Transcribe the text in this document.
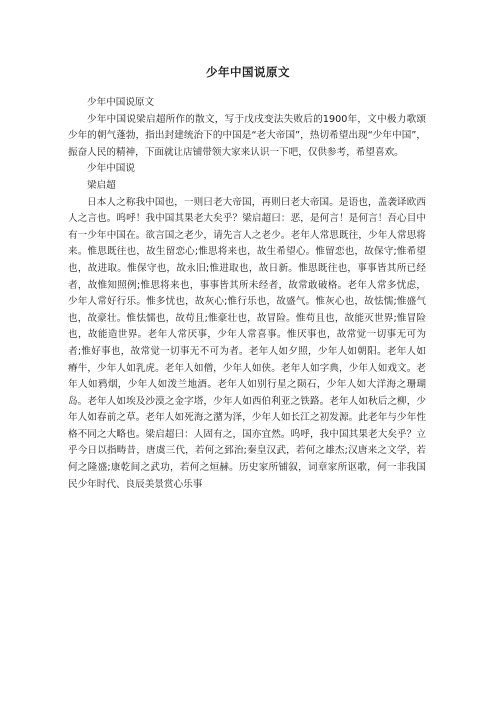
少年中国说原文

少年中国说原文

少年中国说梁启超所作的散文，写于戊戌变法失败后的1900年，文中极力歌颂少年的朝气蓬勃，指出封建统治下的中国是“老大帝国”，热切希望出现“少年中国”，振奋人民的精神，下面就让店铺带领大家来认识一下吧，仅供参考，希望喜欢。

少年中国说

梁启超

日本人之称我中国也，一则曰老大帝国，再则曰老大帝国。是语也，盖袭译欧西人之言也。呜呼！我中国其果老大矣乎？梁启超曰：恶，是何言！是何言！吾心目中有一少年中国在。欲言国之老少，请先言人之老少。老年人常思既往，少年人常思将来。惟思既往也，故生留恋心;惟思将来也，故生希望心。惟留恋也，故保守;惟希望也，故进取。惟保守也，故永旧;惟进取也，故日新。惟思既往也，事事皆其所已经者，故惟知照例;惟思将来也，事事皆其所未经者，故常敢破格。老年人常多忧虑，少年人常好行乐。惟多忧也，故灰心;惟行乐也，故盛气。惟灰心也，故怯懦;惟盛气也，故豪壮。惟怯懦也，故苟且;惟豪壮也，故冒险。惟苟且也，故能灭世界;惟冒险也，故能造世界。老年人常厌事，少年人常喜事。惟厌事也，故常觉一切事无可为者;惟好事也，故常觉一切事无不可为者。老年人如夕照，少年人如朝阳。老年人如瘠牛，少年人如乳虎。老年人如僧，少年人如侠。老年人如字典，少年人如戏文。老年人如鸦烟，少年人如泼兰地酒。老年人如别行星之陨石，少年人如大洋海之珊瑚岛。老年人如埃及沙漠之金字塔，少年人如西伯利亚之铁路。老年人如秋后之柳，少年人如春前之草。老年人如死海之潴为泽，少年人如长江之初发源。此老年与少年性格不同之大略也。梁启超曰：人固有之，国亦宜然。呜呼，我中国其果老大矣乎？立乎今日以指畴昔，唐虞三代，若何之郅治;秦皇汉武，若何之雄杰;汉唐来之文学，若何之隆盛;康乾间之武功，若何之烜赫。历史家所铺叙，词章家所讴歌，何一非我国民少年时代、良辰美景赏心乐事
